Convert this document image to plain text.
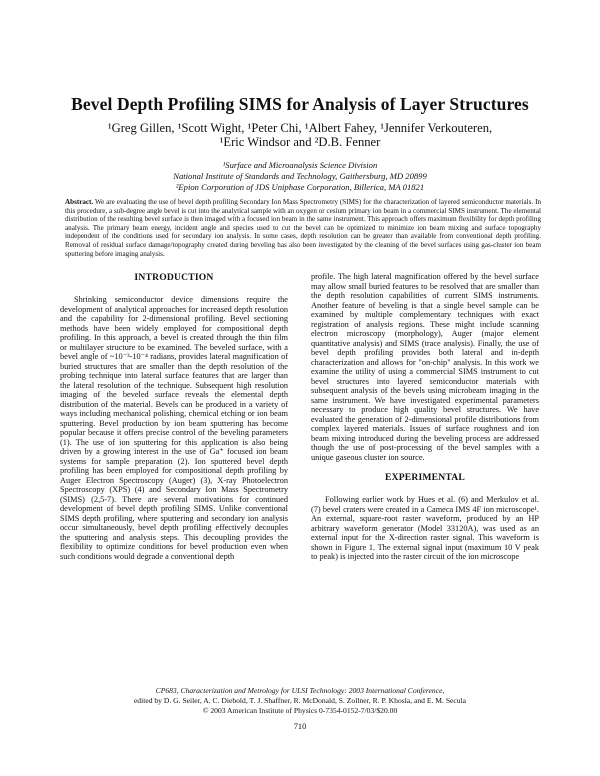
Bevel Depth Profiling SIMS for Analysis of Layer Structures
¹Greg Gillen, ¹Scott Wight, ¹Peter Chi, ¹Albert Fahey, ¹Jennifer Verkouteren,
¹Eric Windsor and ²D.B. Fenner
¹Surface and Microanalysis Science Division
National Institute of Standards and Technology, Gaithersburg, MD 20899
²Epion Corporation of JDS Uniphase Corporation, Billerica, MA 01821
Abstract. We are evaluating the use of bevel depth profiling Secondary Ion Mass Spectrometry (SIMS) for the characterization of layered semiconductor materials. In this procedure, a sub-degree angle bevel is cut into the analytical sample with an oxygen or cesium primary ion beam in a commercial SIMS instrument. The elemental distribution of the resulting bevel surface is then imaged with a focused ion beam in the same instrument. This approach offers maximum flexibility for depth profiling analysis. The primary beam energy, incident angle and species used to cut the bevel can be optimized to minimize ion beam mixing and surface topography independent of the conditions used for secondary ion analysis. In some cases, depth resolution can be greater than available from conventional depth profiling. Removal of residual surface damage/topography created during beveling has also been investigated by the cleaning of the bevel surfaces using gas-cluster ion beam sputtering before imaging analysis.
INTRODUCTION

Shrinking semiconductor device dimensions require the development of analytical approaches for increased depth resolution and the capability for 2-dimensional profiling. Bevel sectioning methods have been widely employed for compositional depth profiling. In this approach, a bevel is created through the thin film or multilayer structure to be examined. The beveled surface, with a bevel angle of ~10⁻³-10⁻⁴ radians, provides lateral magnification of buried structures that are smaller than the depth resolution of the probing technique into lateral surface features that are larger than the lateral resolution of the technique. Subsequent high resolution imaging of the beveled surface reveals the elemental depth distribution of the material. Bevels can be produced in a variety of ways including mechanical polishing, chemical etching or ion beam sputtering. Bevel production by ion beam sputtering has become popular because it offers precise control of the beveling parameters (1). The use of ion sputtering for this application is also being driven by a growing interest in the use of Ga⁺ focused ion beam systems for sample preparation (2). Ion sputtered bevel depth profiling has been employed for compositional depth profiling by Auger Electron Spectroscopy (Auger) (3), X-ray Photoelectron Spectroscopy (XPS) (4) and Secondary Ion Mass Spectrometry (SIMS) (2,5-7). There are several motivations for continued development of bevel depth profiling SIMS. Unlike conventional SIMS depth profiling, where sputtering and secondary ion analysis occur simultaneously, bevel depth profiling effectively decouples the sputtering and analysis steps. This decoupling provides the flexibility to optimize conditions for bevel production even when such conditions would degrade a conventional depth

profile. The high lateral magnification offered by the bevel surface may allow small buried features to be resolved that are smaller than the depth resolution capabilities of current SIMS instruments. Another feature of beveling is that a single bevel sample can be examined by multiple complementary techniques with exact registration of analysis regions. These might include scanning electron microscopy (morphology), Auger (major element quantitative analysis) and SIMS (trace analysis). Finally, the use of bevel depth profiling provides both lateral and in-depth characterization and allows for "on-chip" analysis. In this work we examine the utility of using a commercial SIMS instrument to cut bevel structures into layered semiconductor materials with subsequent analysis of the bevels using microbeam imaging in the same instrument. We have investigated experimental parameters necessary to produce high quality bevel structures. We have evaluated the generation of 2-dimensional profile distributions from complex layered materials. Issues of surface roughness and ion beam mixing introduced during the beveling process are addressed though the use of post-processing of the bevel samples with a unique gaseous cluster ion source.

EXPERIMENTAL

Following earlier work by Hues et al. (6) and Merkulov et al. (7) bevel craters were created in a Cameca IMS 4F ion microscope¹. An external, square-root raster waveform, produced by an HP arbitrary waveform generator (Model 33120A), was used as an external input for the X-direction raster signal. This waveform is shown in Figure 1. The external signal input (maximum 10 V peak to peak) is injected into the raster circuit of the ion microscope

CP683, Characterization and Metrology for ULSI Technology: 2003 International Conference,
edited by D. G. Seiler, A. C. Diebold, T. J. Shaffner, R. McDonald, S. Zollner, R. P. Khosla, and E. M. Secula
© 2003 American Institute of Physics 0-7354-0152-7/03/$20.00
710
